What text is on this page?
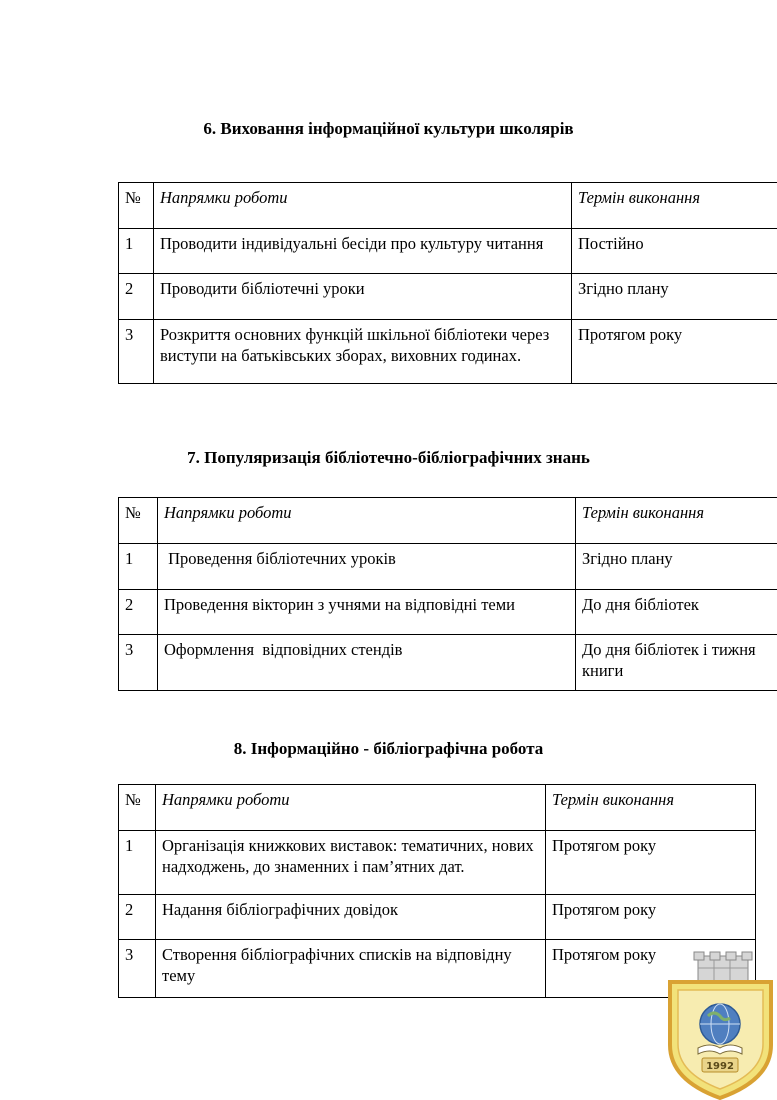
6. Виховання інформаційної культури школярів
№	Напрямки роботи	Термін виконання
1	Проводити індивідуальні бесіди про культуру читання	Постійно
2	Проводити бібліотечні уроки	Згідно плану
3	Розкриття основних функцій шкільної бібліотеки через виступи на батьківських зборах, виховних годинах.	Протягом року
7. Популяризація бібліотечно-бібліографічних знань
№	Напрямки роботи	Термін виконання
1	Проведення бібліотечних уроків	Згідно плану
2	Проведення вікторин з учнями на відповідні теми	До дня бібліотек
3	Оформлення  відповідних стендів	До дня бібліотек і тижня книги
8. Інформаційно - бібліографічна робота
№	Напрямки роботи	Термін виконання
1	Організація книжкових виставок: тематичних, нових надходжень, до знаменних і пам’ятних дат.	Протягом року
2	Надання бібліографічних довідок	Протягом року
3	Створення бібліографічних списків на відповідну тему	Протягом року
1992
